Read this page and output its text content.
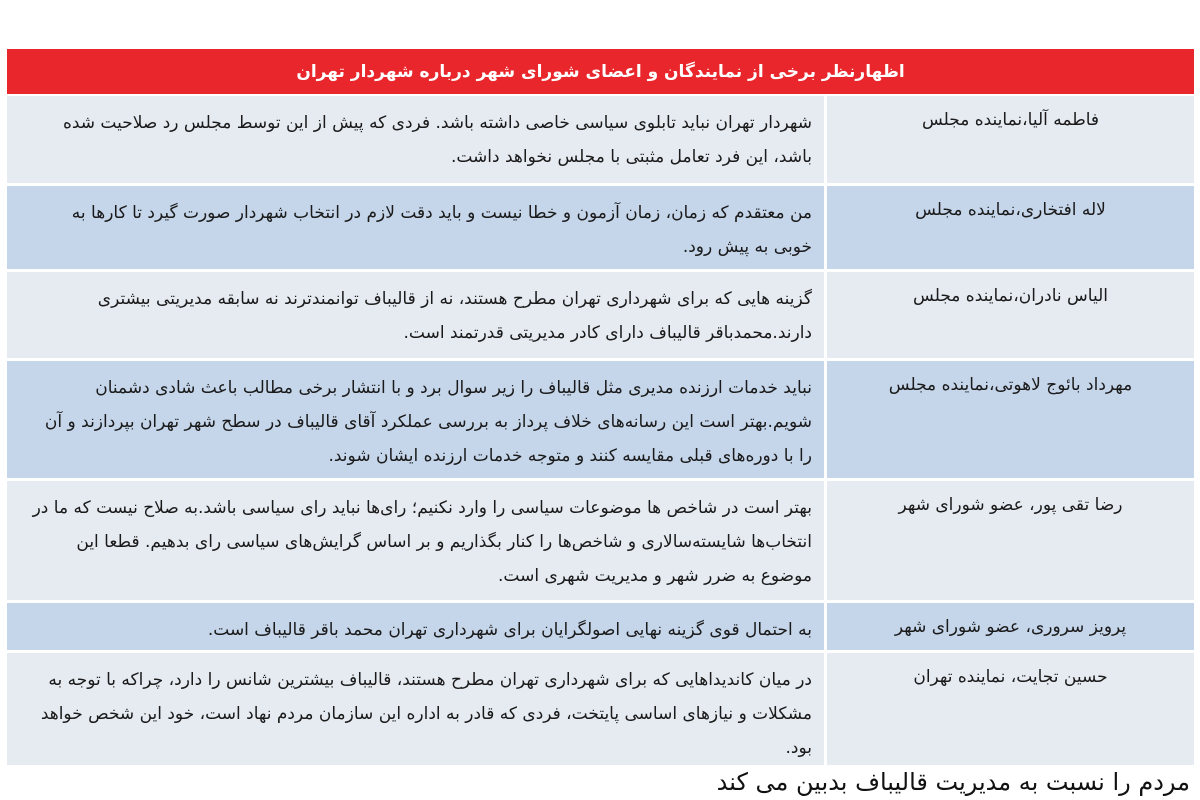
اظهارنظر برخی از نمایندگان و اعضای شورای شهر درباره شهردار تهران
فاطمه آلیا،نماینده مجلس
شهردار تهران نباید تابلوی سیاسی خاصی داشته باشد. فردی که پیش از این توسط مجلس رد صلاحیت شده باشد، این فرد تعامل مثبتی با مجلس نخواهد داشت.
لاله افتخاری،نماینده مجلس
من معتقدم که زمان، زمان آزمون و خطا نیست و باید دقت لازم در انتخاب شهردار صورت گیرد تا کارها به خوبی به پیش رود.
الیاس نادران،نماینده مجلس
گزینه هایی که برای شهرداری تهران مطرح هستند، نه از قالیباف توانمندترند نه سابقه مدیریتی بیشتری دارند.محمدباقر قالیباف دارای کادر مدیریتی قدرتمند است.
مهرداد بائوج لاهوتی،نماینده مجلس
نباید خدمات ارزنده مدیری مثل قالیباف را زیر سوال برد و با انتشار برخی مطالب باعث شادی دشمنان شویم.بهتر است این رسانه‌های خلاف پرداز به بررسی عملکرد آقای قالیباف در سطح شهر تهران بپردازند و آن را با دوره‌های قبلی مقایسه کنند و متوجه خدمات ارزنده ایشان شوند.
رضا تقی پور، عضو شورای شهر
بهتر است در شاخص ها موضوعات سیاسی را وارد نکنیم؛ رای‌ها نباید رای سیاسی باشد.به صلاح نیست که ما در انتخاب‌ها شایسته‌سالاری و شاخص‌ها را کنار بگذاریم و بر اساس گرایش‌های سیاسی رای بدهیم. قطعا این موضوع به ضرر شهر و مدیریت شهری است.
پرویز سروری، عضو شورای شهر
به احتمال قوی گزینه نهایی اصولگرایان برای شهرداری تهران محمد باقر قالیباف است.
حسین تجایت، نماینده تهران
در میان کاندیداهایی که برای شهرداری تهران مطرح هستند، قالیباف بیشترین شانس را دارد، چراکه با توجه به مشکلات و نیازهای اساسی پایتخت، فردی که قادر به اداره این سازمان مردم نهاد است، خود این شخص خواهد بود.
مردم را نسبت به مدیریت قالیباف بدبین می کند
